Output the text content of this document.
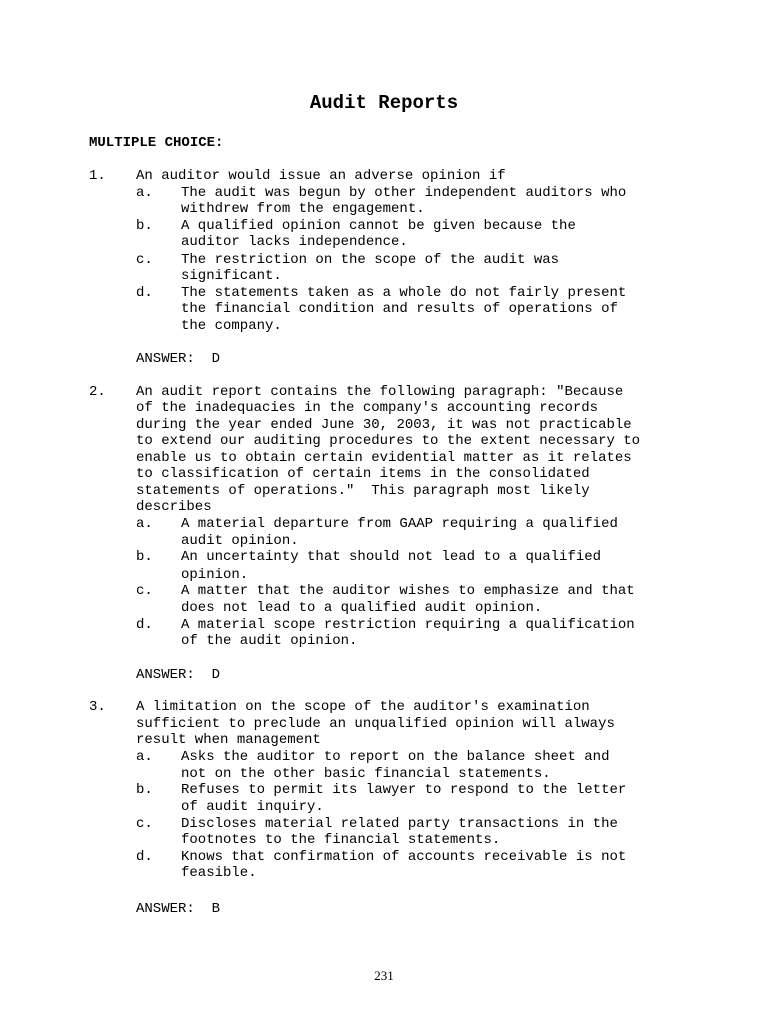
Audit Reports
MULTIPLE CHOICE:
1. An auditor would issue an adverse opinion if
a. The audit was begun by other independent auditors who
withdrew from the engagement.
b. A qualified opinion cannot be given because the
auditor lacks independence.
c. The restriction on the scope of the audit was
significant.
d. The statements taken as a whole do not fairly present
the financial condition and results of operations of
the company.
ANSWER:  D
2. An audit report contains the following paragraph: "Because
of the inadequacies in the company's accounting records
during the year ended June 30, 2003, it was not practicable
to extend our auditing procedures to the extent necessary to
enable us to obtain certain evidential matter as it relates
to classification of certain items in the consolidated
statements of operations."  This paragraph most likely
describes
a. A material departure from GAAP requiring a qualified
audit opinion.
b. An uncertainty that should not lead to a qualified
opinion.
c. A matter that the auditor wishes to emphasize and that
does not lead to a qualified audit opinion.
d. A material scope restriction requiring a qualification
of the audit opinion.
ANSWER:  D
3. A limitation on the scope of the auditor's examination
sufficient to preclude an unqualified opinion will always
result when management
a. Asks the auditor to report on the balance sheet and
not on the other basic financial statements.
b. Refuses to permit its lawyer to respond to the letter
of audit inquiry.
c. Discloses material related party transactions in the
footnotes to the financial statements.
d. Knows that confirmation of accounts receivable is not
feasible.
ANSWER:  B
231
